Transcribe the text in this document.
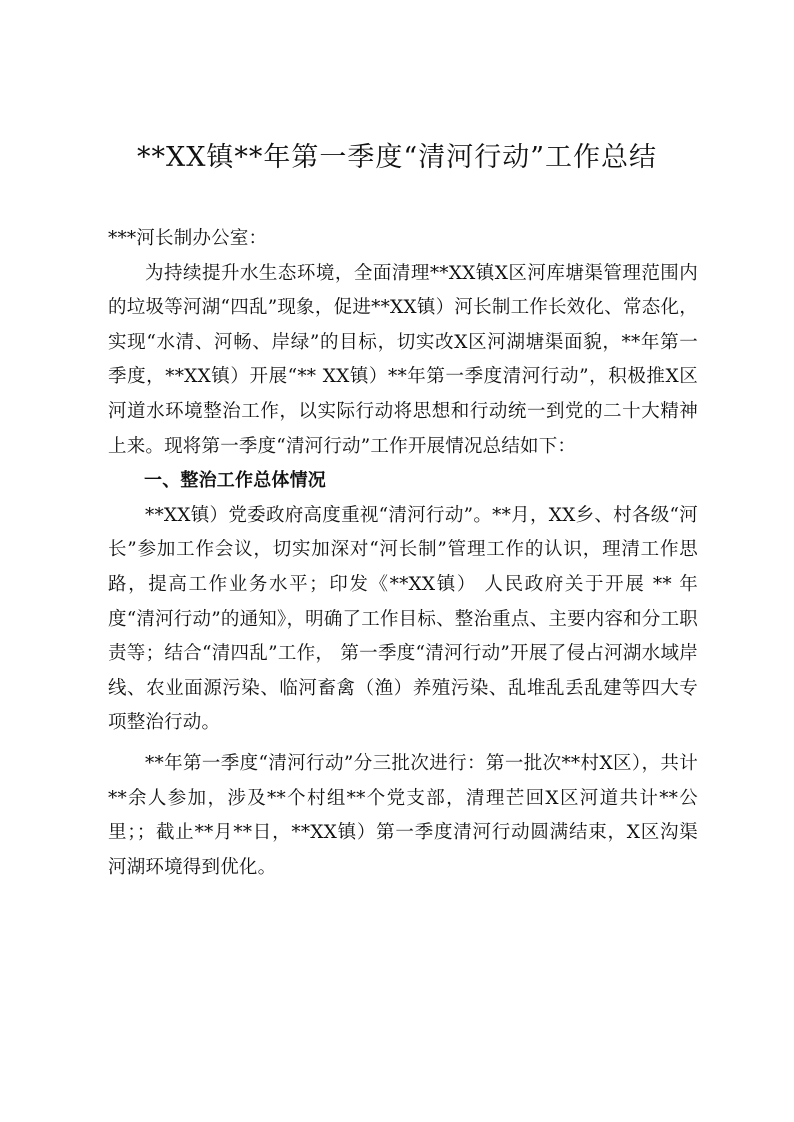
**XX镇**年第一季度“清河行动”工作总结

***河长制办公室：

为持续提升水生态环境，全面清理**XX镇X区河库塘渠管理范围内的垃圾等河湖“四乱”现象，促进**XX镇）河长制工作长效化、常态化，实现“水清、河畅、岸绿”的目标，切实改X区河湖塘渠面貌，**年第一季度，**XX镇）开展“** XX镇）**年第一季度清河行动”，积极推X区河道水环境整治工作，以实际行动将思想和行动统一到党的二十大精神上来。现将第一季度“清河行动”工作开展情况总结如下：

一、整治工作总体情况

**XX镇）党委政府高度重视“清河行动”。**月，XX乡、村各级“河长”参加工作会议，切实加深对“河长制”管理工作的认识，理清工作思路，提高工作业务水平；印发《**XX镇） 人民政府关于开展 ** 年度“清河行动”的通知》，明确了工作目标、整治重点、主要内容和分工职责等；结合“清四乱”工作， 第一季度“清河行动”开展了侵占河湖水域岸线、农业面源污染、临河畜禽（渔）养殖污染、乱堆乱丢乱建等四大专项整治行动。

**年第一季度“清河行动”分三批次进行：第一批次**村X区），共计**余人参加，涉及**个村组**个党支部，清理芒回X区河道共计**公里；；截止**月**日，**XX镇）第一季度清河行动圆满结束，X区沟渠河湖环境得到优化。
